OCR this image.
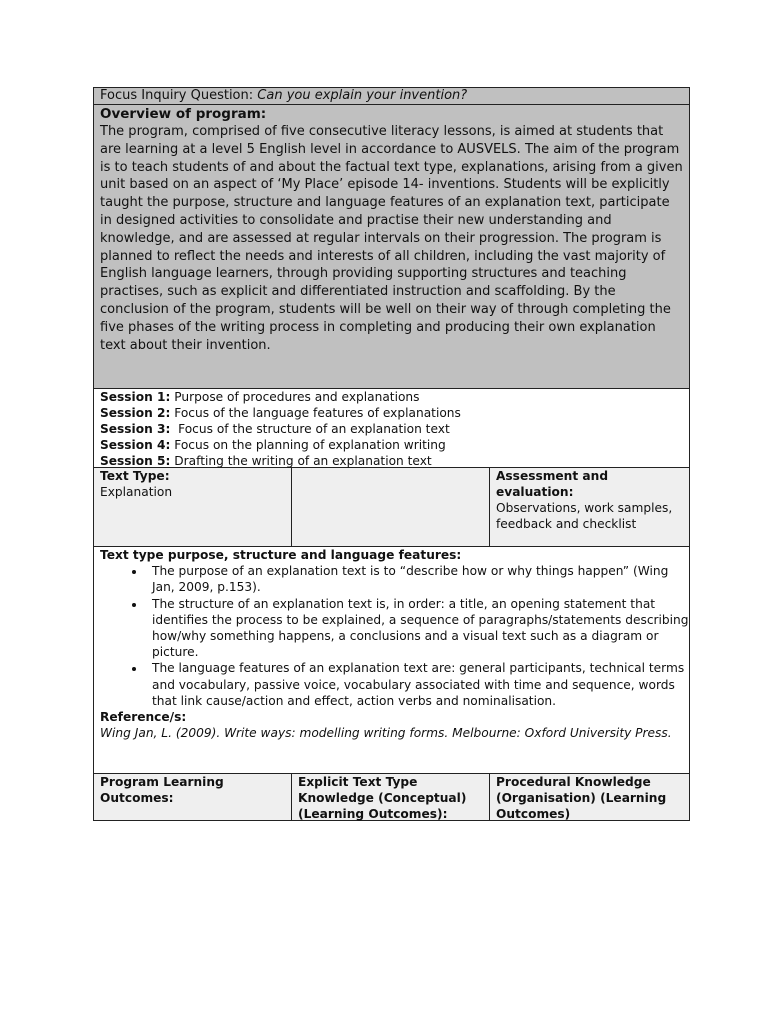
Focus Inquiry Question: Can you explain your invention?
Overview of program:
The program, comprised of five consecutive literacy lessons, is aimed at students that are learning at a level 5 English level in accordance to AUSVELS. The aim of the program is to teach students of and about the factual text type, explanations, arising from a given unit based on an aspect of ‘My Place’ episode 14- inventions. Students will be explicitly taught the purpose, structure and language features of an explanation text, participate in designed activities to consolidate and practise their new understanding and knowledge, and are assessed at regular intervals on their progression. The program is planned to reflect the needs and interests of all children, including the vast majority of English language learners, through providing supporting structures and teaching practises, such as explicit and differentiated instruction and scaffolding. By the conclusion of the program, students will be well on their way of through completing the five phases of the writing process in completing and producing their own explanation text about their invention.
Session 1: Purpose of procedures and explanations
Session 2: Focus of the language features of explanations
Session 3:  Focus of the structure of an explanation text
Session 4: Focus on the planning of explanation writing
Session 5: Drafting the writing of an explanation text
Text Type:
Explanation
Assessment and evaluation:
Observations, work samples, feedback and checklist
Text type purpose, structure and language features:
• The purpose of an explanation text is to “describe how or why things happen” (Wing Jan, 2009, p.153).
• The structure of an explanation text is, in order: a title, an opening statement that identifies the process to be explained, a sequence of paragraphs/statements describing how/why something happens, a conclusions and a visual text such as a diagram or picture.
• The language features of an explanation text are: general participants, technical terms and vocabulary, passive voice, vocabulary associated with time and sequence, words that link cause/action and effect, action verbs and nominalisation.
Reference/s:
Wing Jan, L. (2009). Write ways: modelling writing forms. Melbourne: Oxford University Press.
Program Learning Outcomes:
Explicit Text Type Knowledge (Conceptual) (Learning Outcomes):
Procedural Knowledge (Organisation) (Learning Outcomes)
